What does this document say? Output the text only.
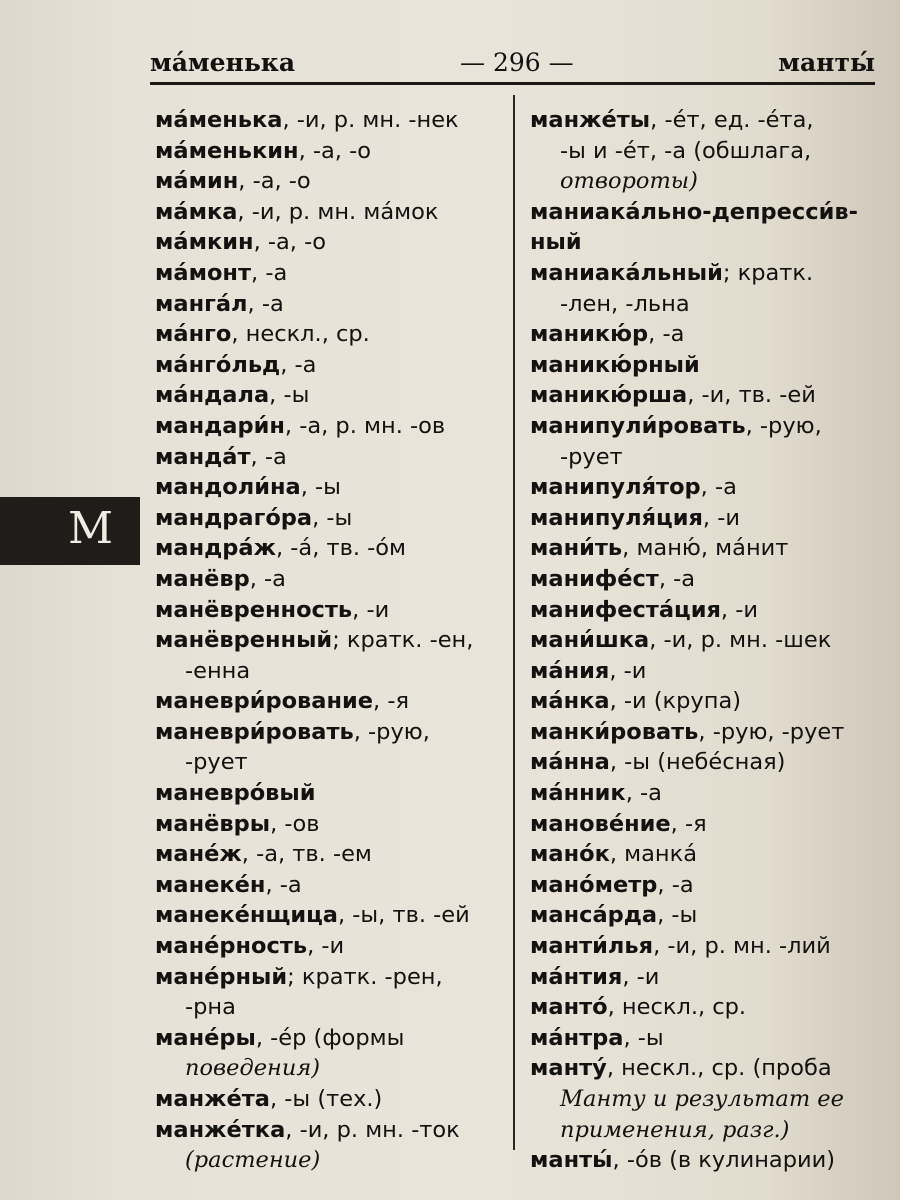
ма́менька	— 296 —	манты́
М
ма́менька, -и, р. мн. -нек
ма́менькин, -а, -о
ма́мин, -а, -о
ма́мка, -и, р. мн. ма́мок
ма́мкин, -а, -о
ма́монт, -а
манга́л, -а
ма́нго, нескл., ср.
ма́нго́льд, -а
ма́ндала, -ы
мандари́н, -а, р. мн. -ов
манда́т, -а
мандоли́на, -ы
мандраго́ра, -ы
мандра́ж, -а́, тв. -о́м
манёвр, -а
манёвренность, -и
манёвренный; кратк. -ен,
-енна
маневри́рование, -я
маневри́ровать, -рую,
-рует
маневро́вый
манёвры, -ов
мане́ж, -а, тв. -ем
манеке́н, -а
манеке́нщица, -ы, тв. -ей
мане́рность, -и
мане́рный; кратк. -рен,
-рна
мане́ры, -е́р (формы
поведения)
манже́та, -ы (тех.)
манже́тка, -и, р. мн. -ток
(растение)
манже́ты, -е́т, ед. -е́та,
-ы и -е́т, -а (обшлага,
отвороты)
маниака́льно-депресси́в-
ный
маниака́льный; кратк.
-лен, -льна
маникю́р, -а
маникю́рный
маникю́рша, -и, тв. -ей
манипули́ровать, -рую,
-рует
манипуля́тор, -а
манипуля́ция, -и
мани́ть, маню́, ма́нит
манифе́ст, -а
манифеста́ция, -и
мани́шка, -и, р. мн. -шек
ма́ния, -и
ма́нка, -и (крупа)
манки́ровать, -рую, -рует
ма́нна, -ы (небе́сная)
ма́нник, -а
манове́ние, -я
мано́к, манка́
мано́метр, -а
манса́рда, -ы
манти́лья, -и, р. мн. -лий
ма́нтия, -и
манто́, нескл., ср.
ма́нтра, -ы
манту́, нескл., ср. (проба
Манту и результат ее
применения, разг.)
манты́, -о́в (в кулинарии)
